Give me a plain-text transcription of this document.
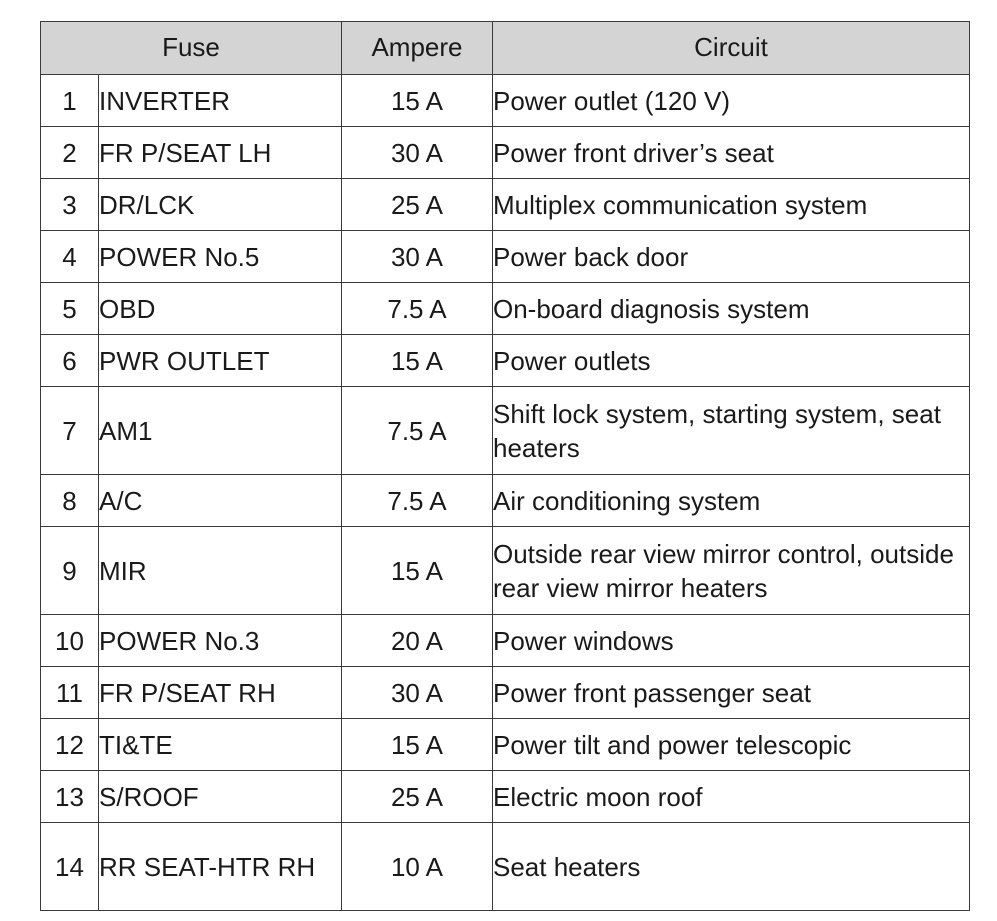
Fuse		Ampere	Circuit
1	INVERTER	15 A	Power outlet (120 V)
2	FR P/SEAT LH	30 A	Power front driver’s seat
3	DR/LCK	25 A	Multiplex communication system
4	POWER No.5	30 A	Power back door
5	OBD	7.5 A	On-board diagnosis system
6	PWR OUTLET	15 A	Power outlets
7	AM1	7.5 A	Shift lock system, starting system, seat heaters
8	A/C	7.5 A	Air conditioning system
9	MIR	15 A	Outside rear view mirror control, outside rear view mirror heaters
10	POWER No.3	20 A	Power windows
11	FR P/SEAT RH	30 A	Power front passenger seat
12	TI&TE	15 A	Power tilt and power telescopic
13	S/ROOF	25 A	Electric moon roof
14	RR SEAT-HTR RH	10 A	Seat heaters
